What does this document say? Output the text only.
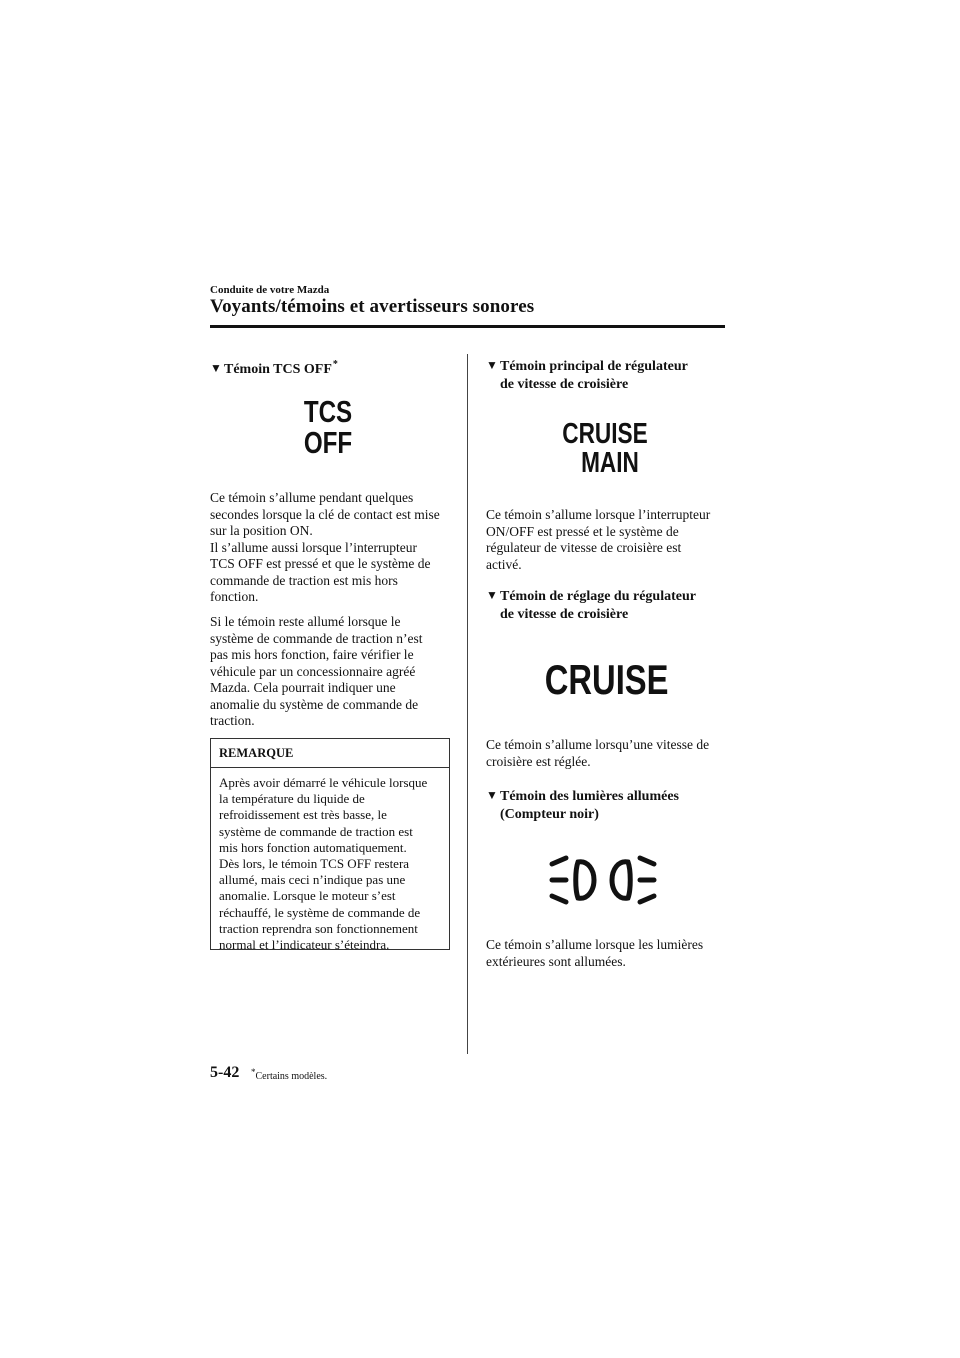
Conduite de votre Mazda

Voyants/témoins et avertisseurs sonores
▼ Témoin TCS OFF*

TCS

OFF

Ce témoin s’allume pendant quelques

secondes lorsque la clé de contact est mise

sur la position ON.

Il s’allume aussi lorsque l’interrupteur

TCS OFF est pressé et que le système de

commande de traction est mis hors

fonction.

Si le témoin reste allumé lorsque le

système de commande de traction n’est

pas mis hors fonction, faire vérifier le

véhicule par un concessionnaire agréé

Mazda. Cela pourrait indiquer une

anomalie du système de commande de

traction.

REMARQUE

Après avoir démarré le véhicule lorsque

la température du liquide de

refroidissement est très basse, le

système de commande de traction est

mis hors fonction automatiquement.

Dès lors, le témoin TCS OFF restera

allumé, mais ceci n’indique pas une

anomalie. Lorsque le moteur s’est

réchauffé, le système de commande de

traction reprendra son fonctionnement

normal et l’indicateur s’éteindra.

▼ Témoin principal de régulateur
de vitesse de croisière

CRUISE

MAIN

Ce témoin s’allume lorsque l’interrupteur

ON/OFF est pressé et le système de

régulateur de vitesse de croisière est

activé.

▼ Témoin de réglage du régulateur
de vitesse de croisière

CRUISE

Ce témoin s’allume lorsqu’une vitesse de

croisière est réglée.

▼ Témoin des lumières allumées
(Compteur noir)

Ce témoin s’allume lorsque les lumières

extérieures sont allumées.

5-42 *Certains modèles.
